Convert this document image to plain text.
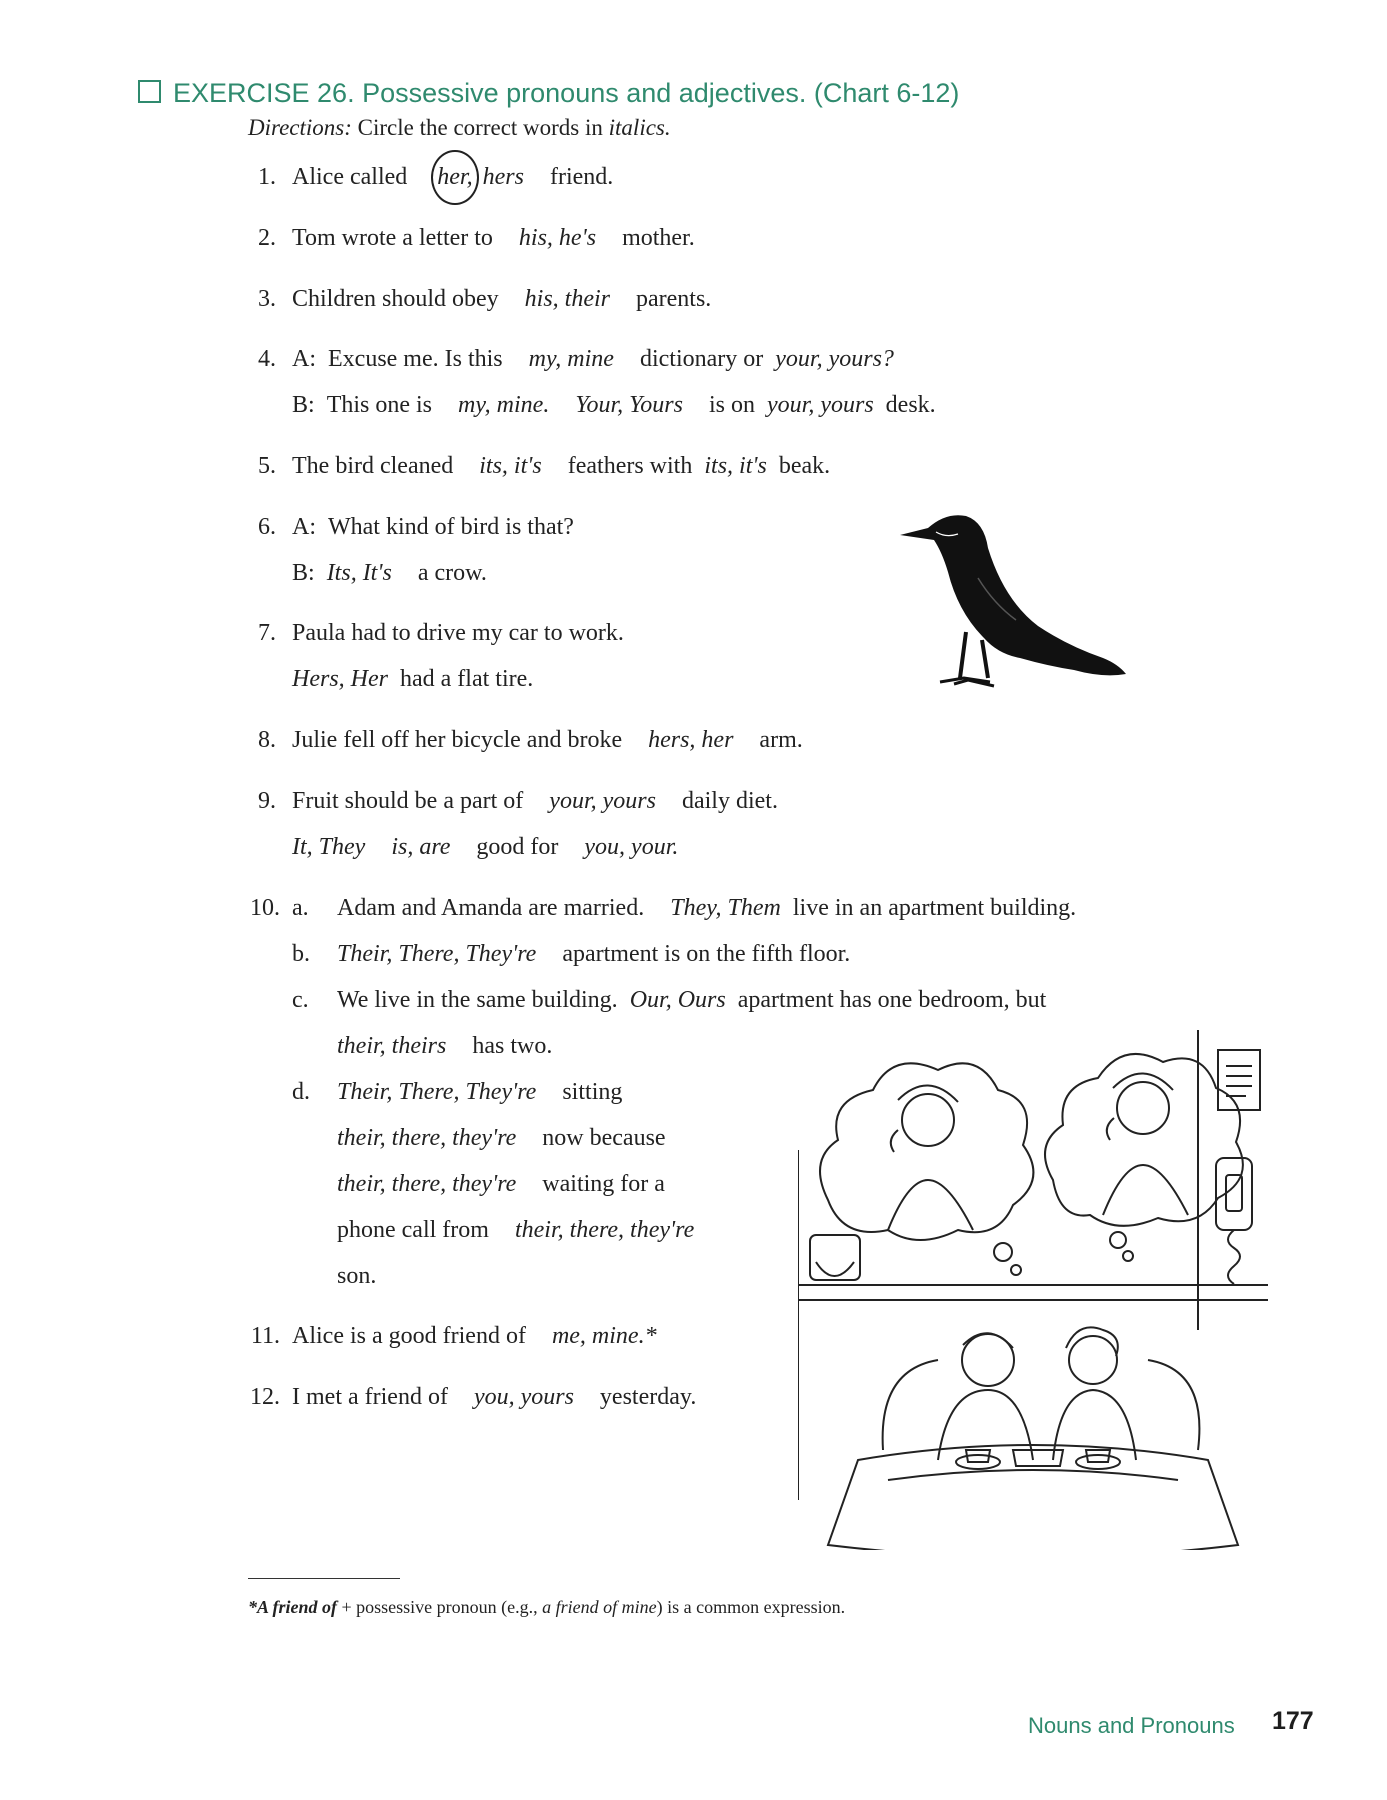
EXERCISE 26. Possessive pronouns and adjectives. (Chart 6-12)
Directions: Circle the correct words in italics.
1. Alice called her, hers friend.
2. Tom wrote a letter to his, he's mother.
3. Children should obey his, their parents.
4. A: Excuse me. Is this my, mine dictionary or your, yours?
B: This one is my, mine. Your, Yours is on your, yours desk.
5. The bird cleaned its, it's feathers with its, it's beak.
6. A: What kind of bird is that?
B: Its, It's a crow.
7. Paula had to drive my car to work.
Hers, Her had a flat tire.
8. Julie fell off her bicycle and broke hers, her arm.
9. Fruit should be a part of your, yours daily diet.
It, They is, are good for you, your.
10. a. Adam and Amanda are married. They, Them live in an apartment building.
b. Their, There, They're apartment is on the fifth floor.
c. We live in the same building. Our, Ours apartment has one bedroom, but
their, theirs has two.
d. Their, There, They're sitting
their, there, they're now because
their, there, they're waiting for a
phone call from their, there, they're
son.
11. Alice is a good friend of me, mine.*
12. I met a friend of you, yours yesterday.
*A friend of + possessive pronoun (e.g., a friend of mine) is a common expression.
Nouns and Pronouns 177
